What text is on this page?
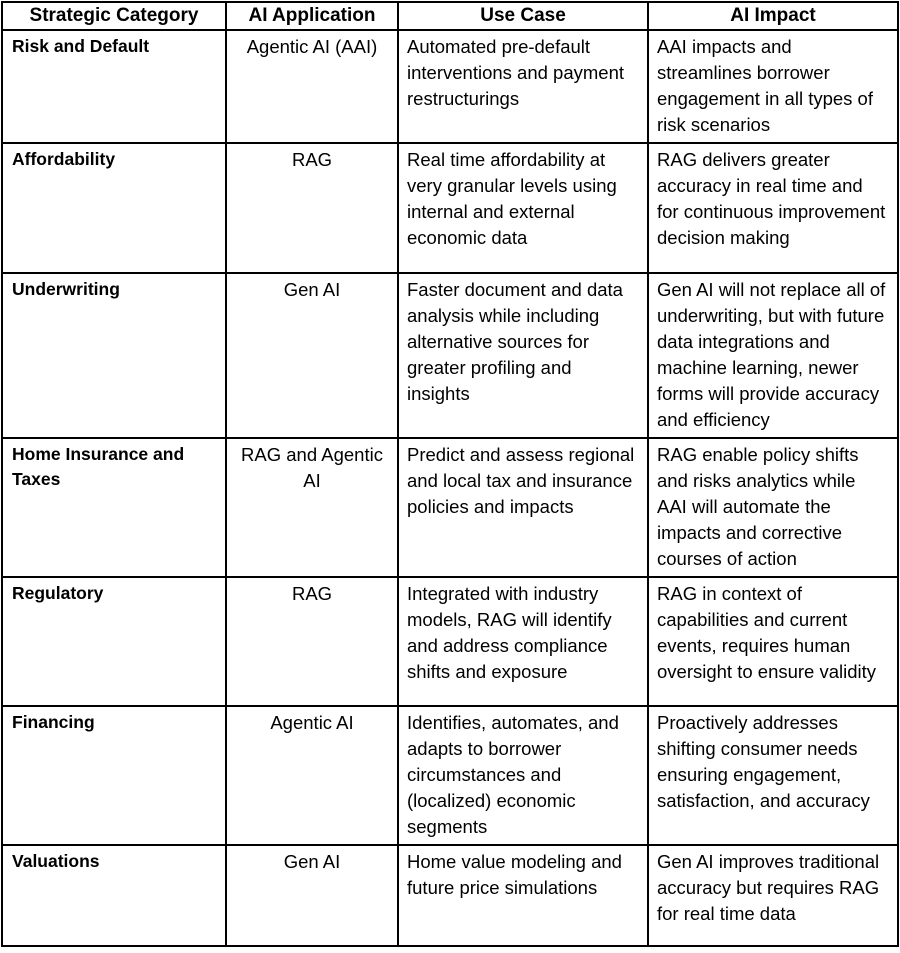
Strategic Category	AI Application	Use Case	AI Impact
Risk and Default	Agentic AI (AAI)	Automated pre-default interventions and payment restructurings	AAI impacts and streamlines borrower engagement in all types of risk scenarios
Affordability	RAG	Real time affordability at very granular levels using internal and external economic data	RAG delivers greater accuracy in real time and for continuous improvement decision making
Underwriting	Gen AI	Faster document and data analysis while including alternative sources for greater profiling and insights	Gen AI will not replace all of underwriting, but with future data integrations and machine learning, newer forms will provide accuracy and efficiency
Home Insurance and Taxes	RAG and Agentic AI	Predict and assess regional and local tax and insurance policies and impacts	RAG enable policy shifts and risks analytics while AAI will automate the impacts and corrective courses of action
Regulatory	RAG	Integrated with industry models, RAG will identify and address compliance shifts and exposure	RAG in context of capabilities and current events, requires human oversight to ensure validity
Financing	Agentic AI	Identifies, automates, and adapts to borrower circumstances and (localized) economic segments	Proactively addresses shifting consumer needs ensuring engagement, satisfaction, and accuracy
Valuations	Gen AI	Home value modeling and future price simulations	Gen AI improves traditional accuracy but requires RAG for real time data
